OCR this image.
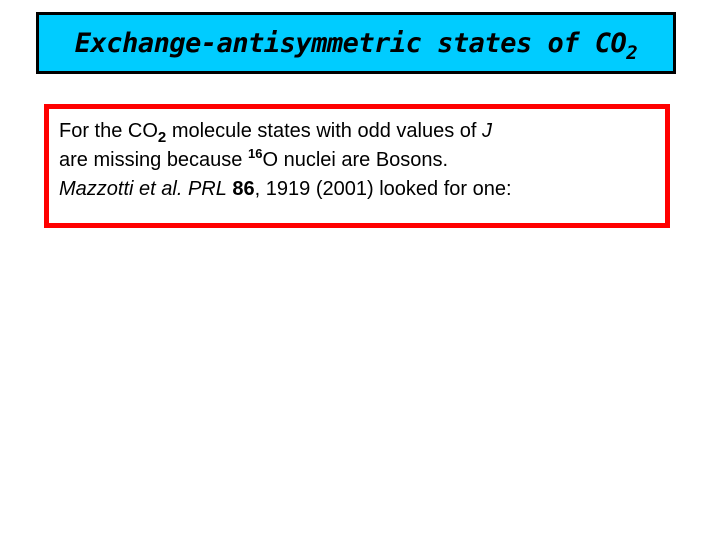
Exchange-antisymmetric states of $CO_2$
For the $CO_2$ molecule states with odd values of J
are missing because $^{16}$O nuclei are Bosons.
Mazzotti et al. PRL 86, 1919 (2001) looked for one:
